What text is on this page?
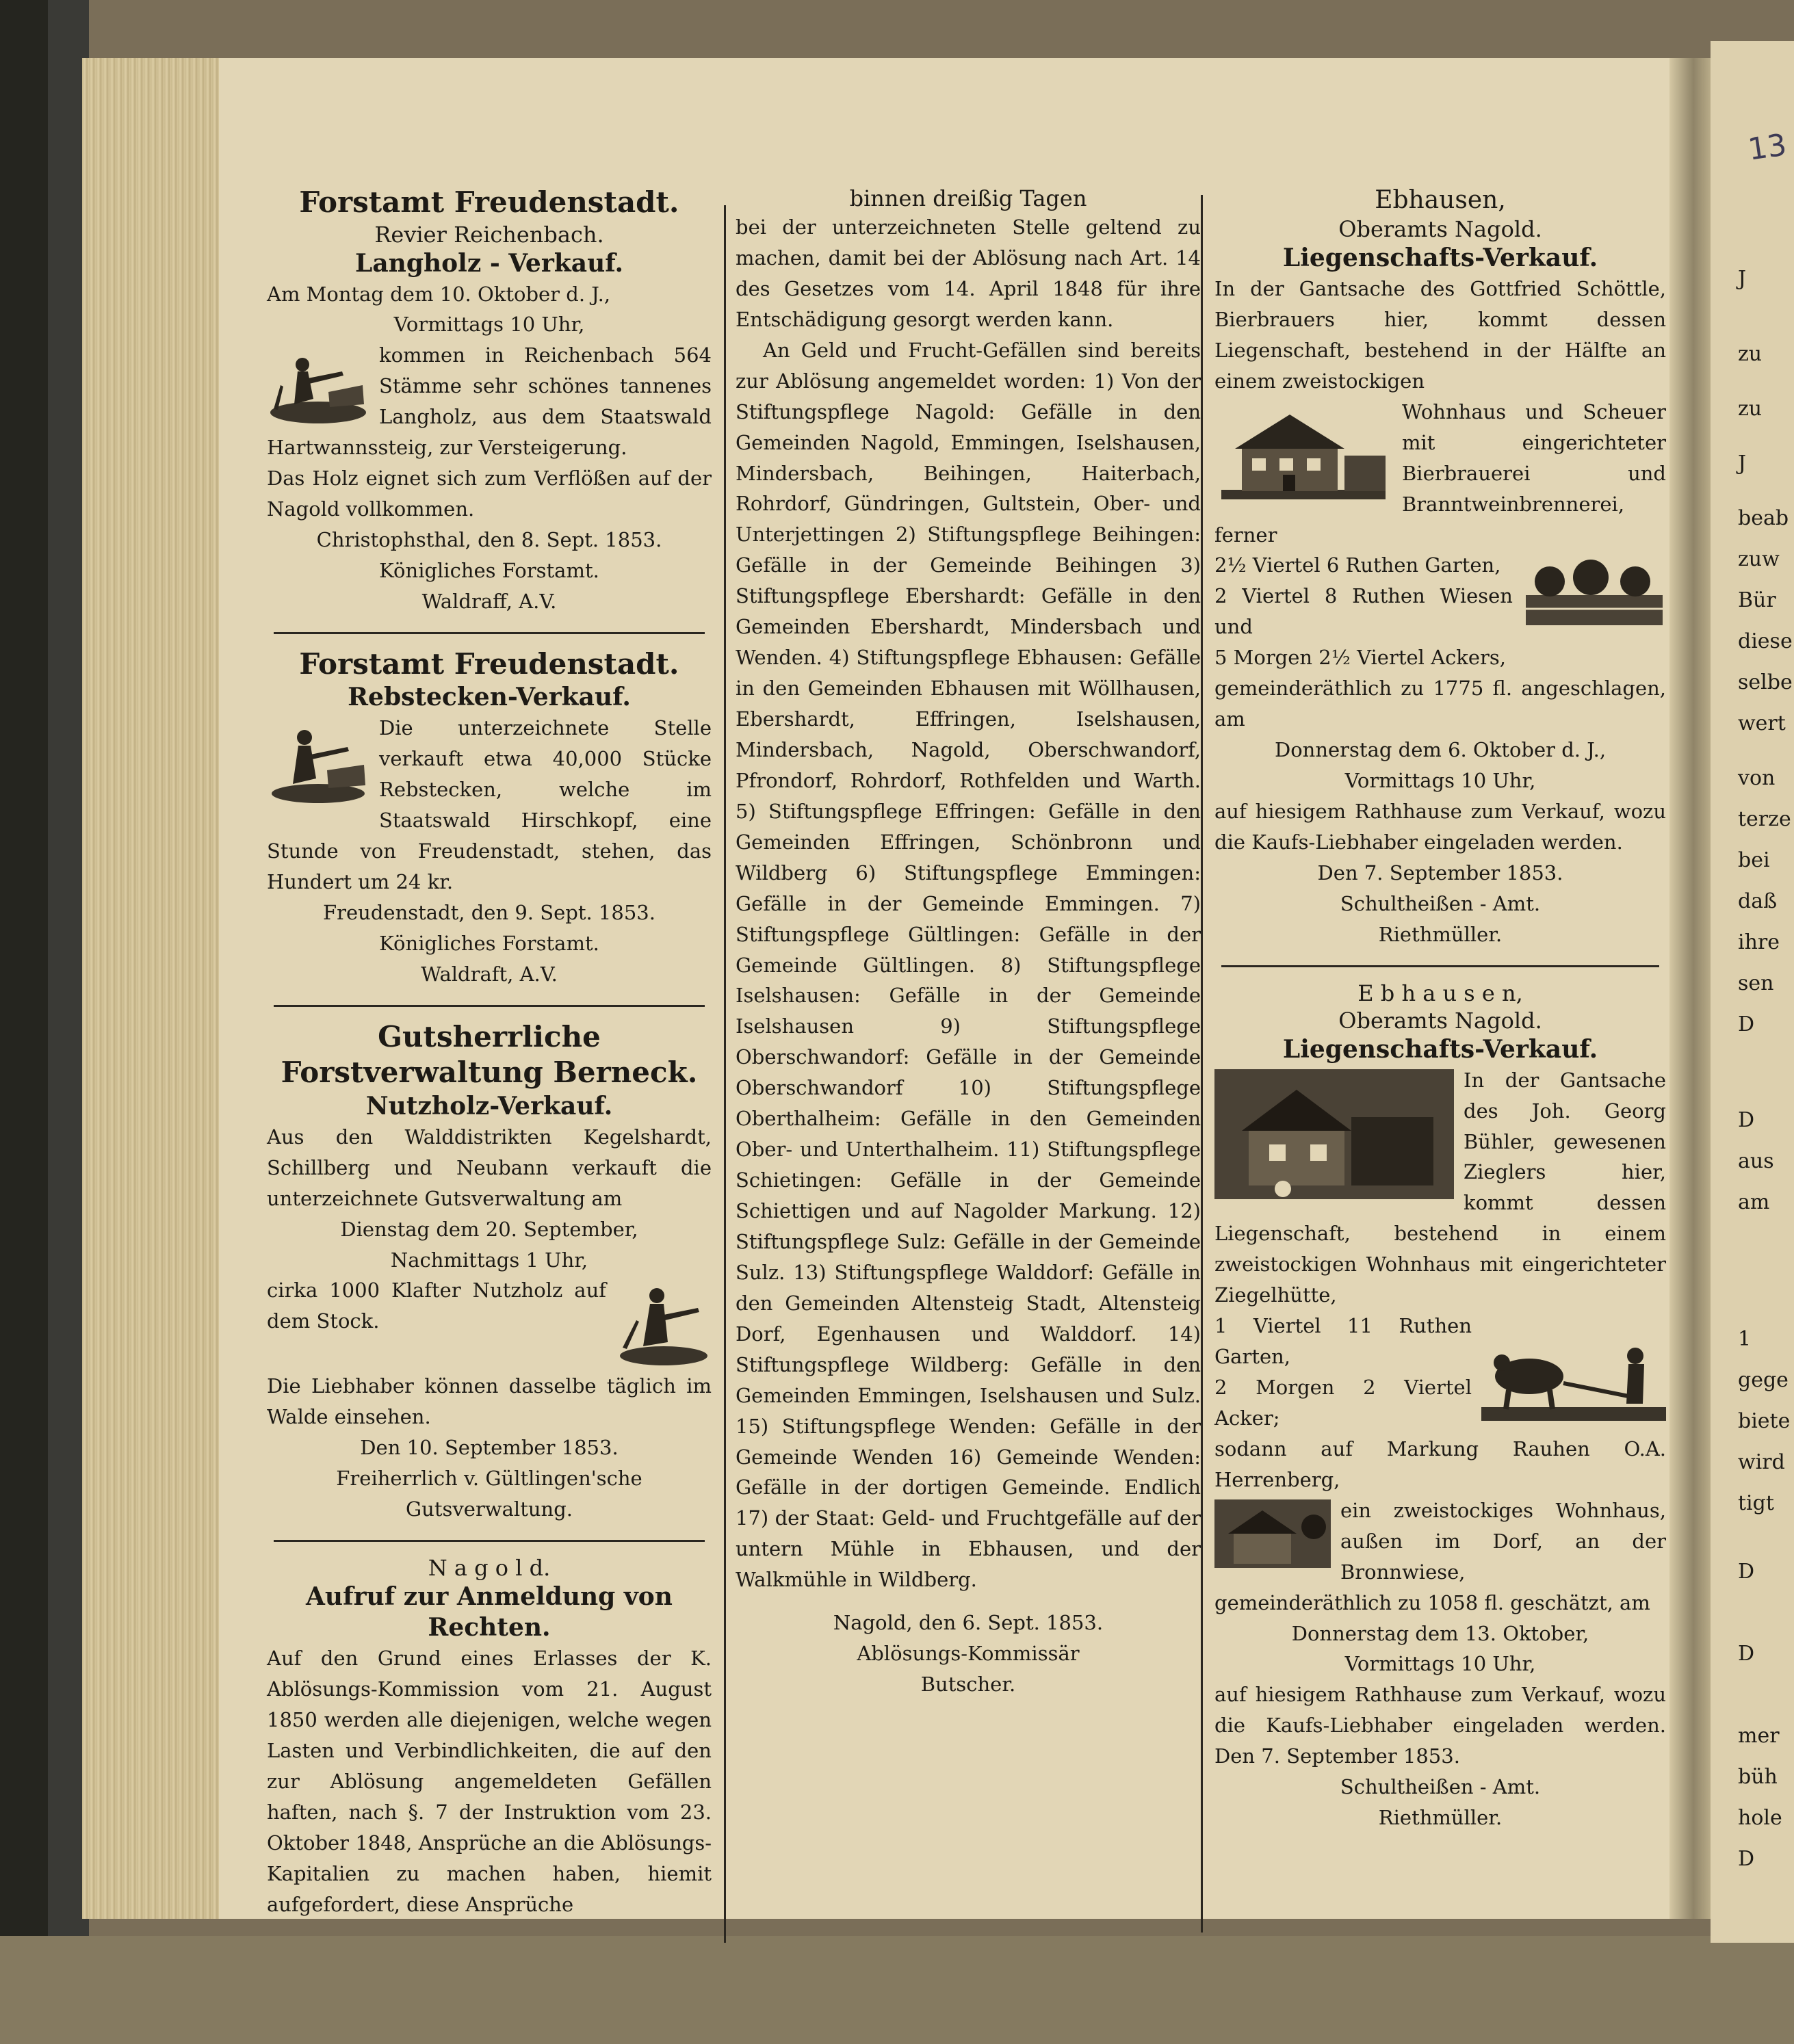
J
zu
zu
J
beab
zuw
Bür
diese
selbe
wert
von
terze
bei
daß
ihre
sen
D
D
aus
am
1
gege
biete
wird
tigt
D
D
mer
büh
hole
D
13
Forstamt Freudenstadt.
Revier Reichenbach.
Langholz - Verkauf.
Am Montag dem 10. Oktober d. J.,
Vormittags 10 Uhr,
kommen in Reichenbach 564 Stämme sehr schönes tannenes Langholz, aus dem Staatswald Hartwannssteig, zur Versteigerung.
Das Holz eignet sich zum Verflößen auf der Nagold vollkommen.
Christophsthal, den 8. Sept. 1853.
Königliches Forstamt.
Waldraff, A.V.
Forstamt Freudenstadt.
Rebstecken-Verkauf.
Die unterzeichnete Stelle verkauft etwa 40,000 Stücke Rebstecken, welche im Staatswald Hirschkopf, eine Stunde von Freudenstadt, stehen, das Hundert um 24 kr.
Freudenstadt, den 9. Sept. 1853.
Königliches Forstamt.
Waldraft, A.V.
Gutsherrliche Forstverwaltung Berneck.
Nutzholz-Verkauf.
Aus den Walddistrikten Kegelshardt, Schillberg und Neubann verkauft die unterzeichnete Gutsverwaltung am
Dienstag dem 20. September,
Nachmittags 1 Uhr,
cirka 1000 Klafter Nutzholz auf dem Stock.
Die Liebhaber können dasselbe täglich im Walde einsehen.
Den 10. September 1853.
Freiherrlich v. Gültlingen'sche Gutsverwaltung.
N a g o l d.
Aufruf zur Anmeldung von Rechten.
Auf den Grund eines Erlasses der K. Ablösungs-Kommission vom 21. August 1850 werden alle diejenigen, welche wegen Lasten und Verbindlichkeiten, die auf den zur Ablösung angemeldeten Gefällen haften, nach §. 7 der Instruktion vom 23. Oktober 1848, Ansprüche an die Ablösungs-Kapitalien zu machen haben, hiemit aufgefordert, diese Ansprüche
binnen dreißig Tagen
bei der unterzeichneten Stelle geltend zu machen, damit bei der Ablösung nach Art. 14 des Gesetzes vom 14. April 1848 für ihre Entschädigung gesorgt werden kann.
An Geld und Frucht-Gefällen sind bereits zur Ablösung angemeldet worden: 1) Von der Stiftungspflege Nagold: Gefälle in den Gemeinden Nagold, Emmingen, Iselshausen, Mindersbach, Beihingen, Haiterbach, Rohrdorf, Gündringen, Gultstein, Ober- und Unterjettingen 2) Stiftungspflege Beihingen: Gefälle in der Gemeinde Beihingen 3) Stiftungspflege Ebershardt: Gefälle in den Gemeinden Ebershardt, Mindersbach und Wenden. 4) Stiftungspflege Ebhausen: Gefälle in den Gemeinden Ebhausen mit Wöllhausen, Ebershardt, Effringen, Iselshausen, Mindersbach, Nagold, Oberschwandorf, Pfrondorf, Rohrdorf, Rothfelden und Warth. 5) Stiftungspflege Effringen: Gefälle in den Gemeinden Effringen, Schönbronn und Wildberg 6) Stiftungspflege Emmingen: Gefälle in der Gemeinde Emmingen. 7) Stiftungspflege Gültlingen: Gefälle in der Gemeinde Gültlingen. 8) Stiftungspflege Iselshausen: Gefälle in der Gemeinde Iselshausen 9) Stiftungspflege Oberschwandorf: Gefälle in der Gemeinde Oberschwandorf 10) Stiftungspflege Oberthalheim: Gefälle in den Gemeinden Ober- und Unterthalheim. 11) Stiftungspflege Schietingen: Gefälle in der Gemeinde Schiettigen und auf Nagolder Markung. 12) Stiftungspflege Sulz: Gefälle in der Gemeinde Sulz. 13) Stiftungspflege Walddorf: Gefälle in den Gemeinden Altensteig Stadt, Altensteig Dorf, Egenhausen und Walddorf. 14) Stiftungspflege Wildberg: Gefälle in den Gemeinden Emmingen, Iselshausen und Sulz. 15) Stiftungspflege Wenden: Gefälle in der Gemeinde Wenden 16) Gemeinde Wenden: Gefälle in der dortigen Gemeinde. Endlich 17) der Staat: Geld- und Fruchtgefälle auf der untern Mühle in Ebhausen, und der Walkmühle in Wildberg.
Nagold, den 6. Sept. 1853.
Ablösungs-Kommissär
Butscher.
Ebhausen,
Oberamts Nagold.
Liegenschafts-Verkauf.
In der Gantsache des Gottfried Schöttle, Bierbrauers hier, kommt dessen Liegenschaft, bestehend in der Hälfte an einem zweistockigen
Wohnhaus und Scheuer mit eingerichteter Bierbrauerei und Branntweinbrennerei, ferner
2½ Viertel 6 Ruthen Garten,
2 Viertel 8 Ruthen Wiesen und
5 Morgen 2½ Viertel Ackers,
gemeinderäthlich zu 1775 fl. angeschlagen, am
Donnerstag dem 6. Oktober d. J.,
Vormittags 10 Uhr,
auf hiesigem Rathhause zum Verkauf, wozu die Kaufs-Liebhaber eingeladen werden.
Den 7. September 1853.
Schultheißen - Amt.
Riethmüller.
E b h a u s e n,
Oberamts Nagold.
Liegenschafts-Verkauf.
In der Gantsache des Joh. Georg Bühler, gewesenen Zieglers hier, kommt dessen Liegenschaft, bestehend in einem zweistockigen Wohnhaus mit eingerichteter Ziegelhütte,
1 Viertel 11 Ruthen Garten,
2 Morgen 2 Viertel Acker;
sodann auf Markung Rauhen O.A. Herrenberg,
ein zweistockiges Wohnhaus, außen im Dorf, an der Bronnwiese,
gemeinderäthlich zu 1058 fl. geschätzt, am
Donnerstag dem 13. Oktober,
Vormittags 10 Uhr,
auf hiesigem Rathhause zum Verkauf, wozu die Kaufs-Liebhaber eingeladen werden. Den 7. September 1853.
Schultheißen - Amt.
Riethmüller.
